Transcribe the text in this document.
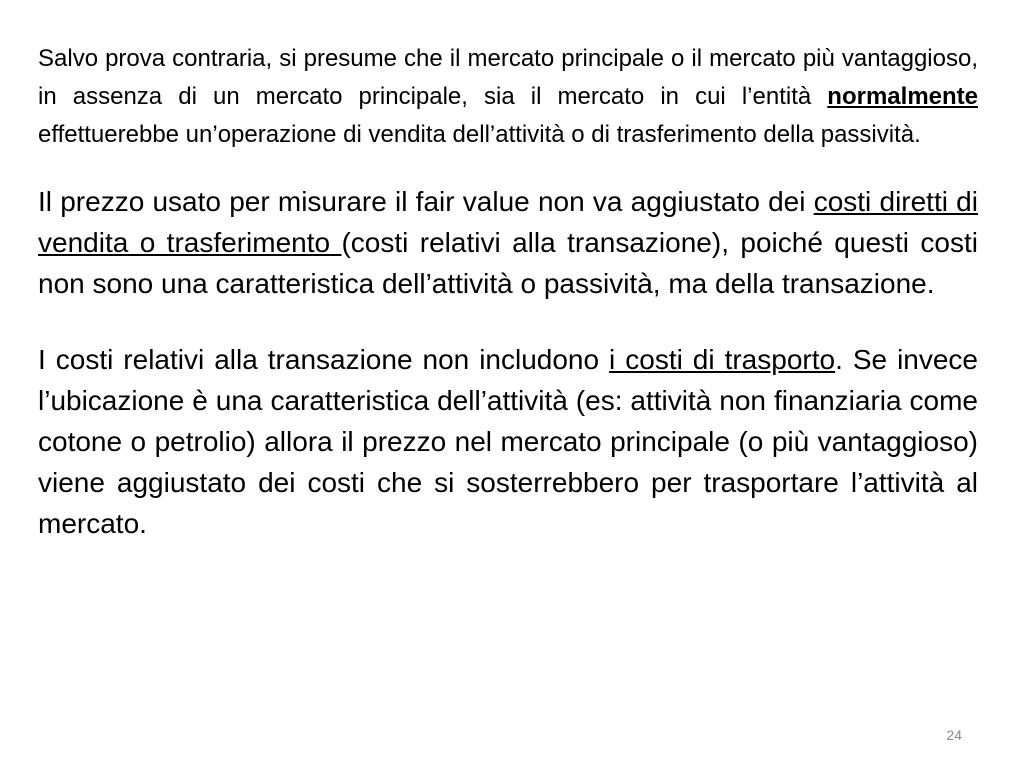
Salvo prova contraria, si presume che il mercato principale o il mercato più vantaggioso, in assenza di un mercato principale, sia il mercato in cui l’entità normalmente effettuerebbe un’operazione di vendita dell’attività o di trasferimento della passività.

Il prezzo usato per misurare il fair value non va aggiustato dei costi diretti di vendita o trasferimento (costi relativi alla transazione), poiché questi costi non sono una caratteristica dell’attività o passività, ma della transazione.

I costi relativi alla transazione non includono i costi di trasporto. Se invece l’ubicazione è una caratteristica dell’attività (es: attività non finanziaria come cotone o petrolio) allora il prezzo nel mercato principale (o più vantaggioso) viene aggiustato dei costi che si sosterrebbero per trasportare l’attività al mercato.

24
